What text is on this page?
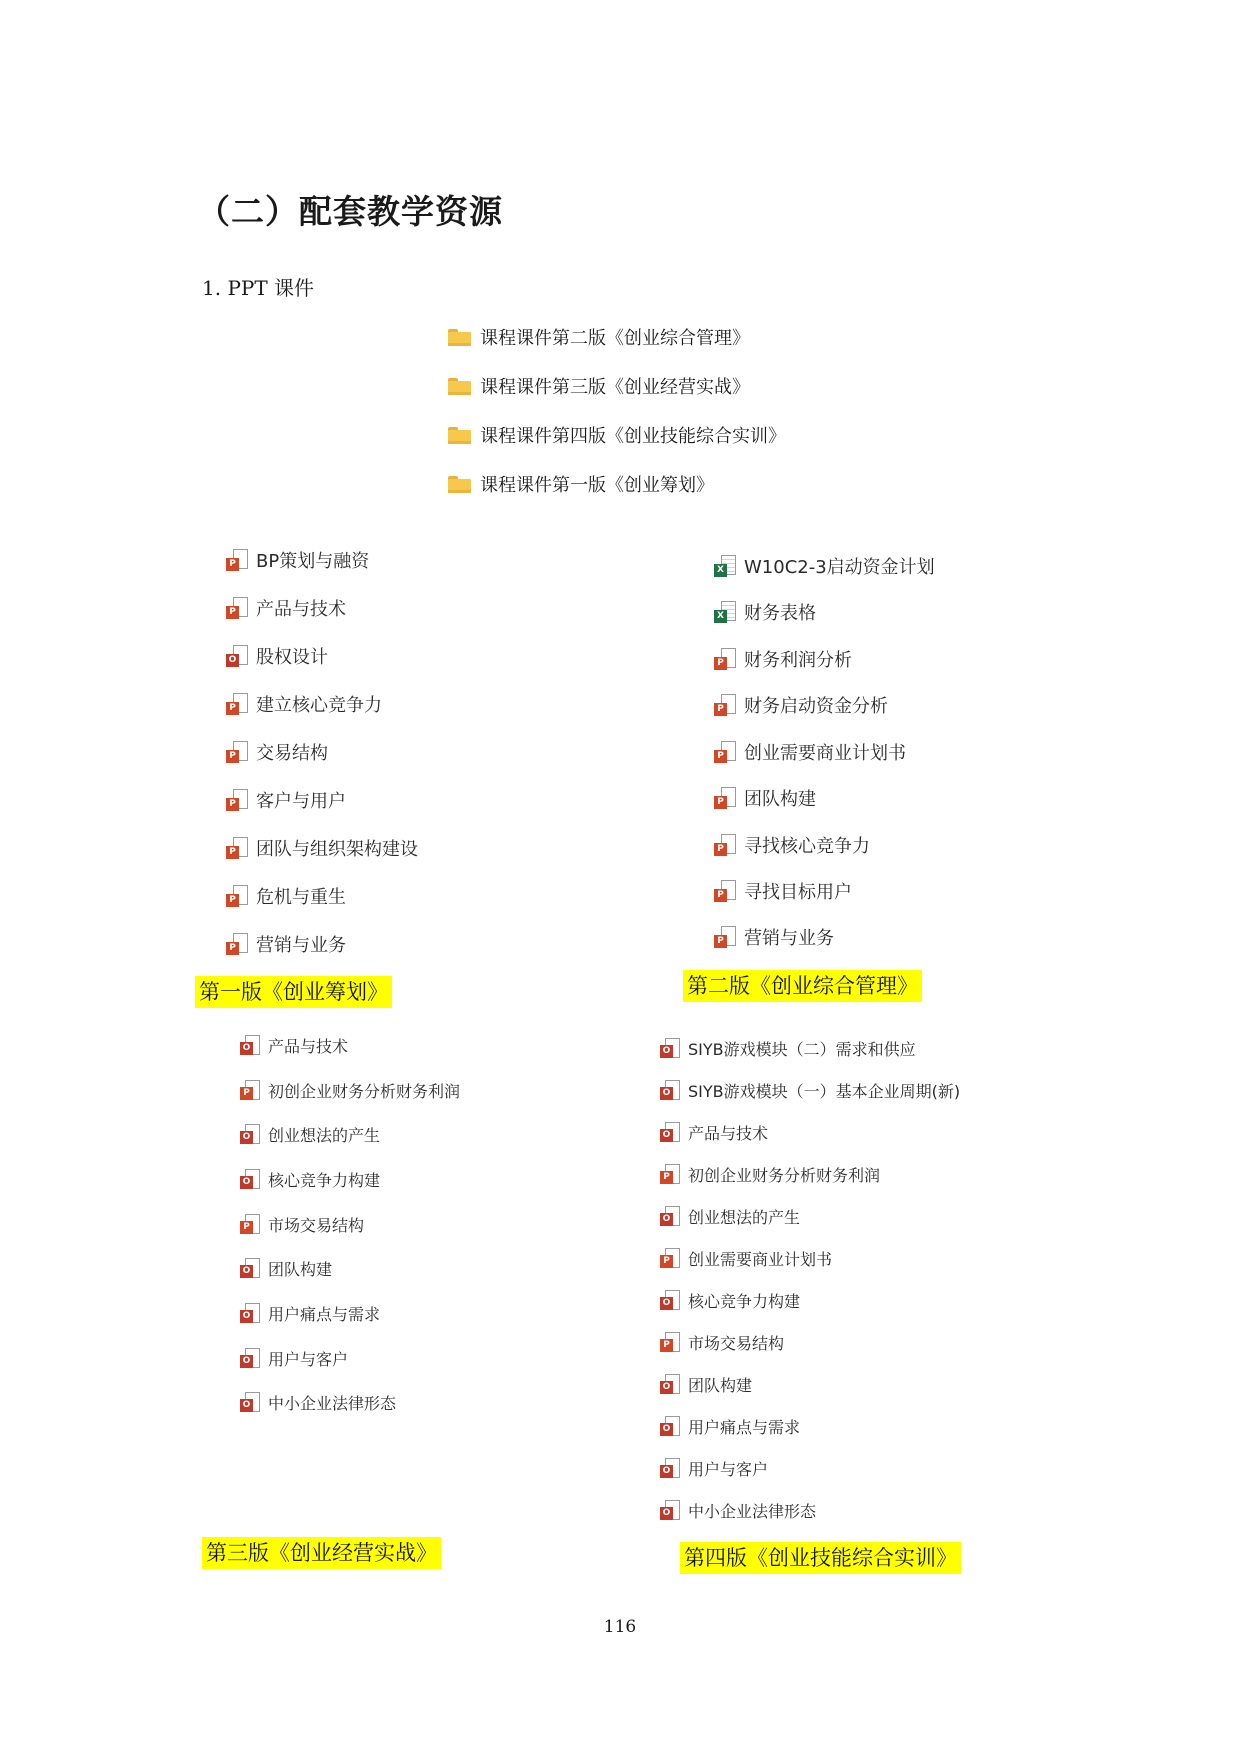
（二）配套教学资源
1. PPT 课件
课程课件第二版《创业综合管理》
课程课件第三版《创业经营实战》
课程课件第四版《创业技能综合实训》
课程课件第一版《创业筹划》
P BP策划与融资
P 产品与技术
O 股权设计
P 建立核心竞争力
P 交易结构
P 客户与用户
P 团队与组织架构建设
P 危机与重生
P 营销与业务
第一版《创业筹划》
X W10C2-3启动资金计划
X 财务表格
P 财务利润分析
P 财务启动资金分析
P 创业需要商业计划书
P 团队构建
P 寻找核心竞争力
P 寻找目标用户
P 营销与业务
第二版《创业综合管理》
O 产品与技术
P 初创企业财务分析财务利润
O 创业想法的产生
O 核心竞争力构建
P 市场交易结构
O 团队构建
O 用户痛点与需求
O 用户与客户
O 中小企业法律形态
第三版《创业经营实战》
O SIYB游戏模块（二）需求和供应
O SIYB游戏模块（一）基本企业周期(新)
O 产品与技术
P 初创企业财务分析财务利润
O 创业想法的产生
P 创业需要商业计划书
O 核心竞争力构建
P 市场交易结构
O 团队构建
O 用户痛点与需求
O 用户与客户
O 中小企业法律形态
第四版《创业技能综合实训》
116
